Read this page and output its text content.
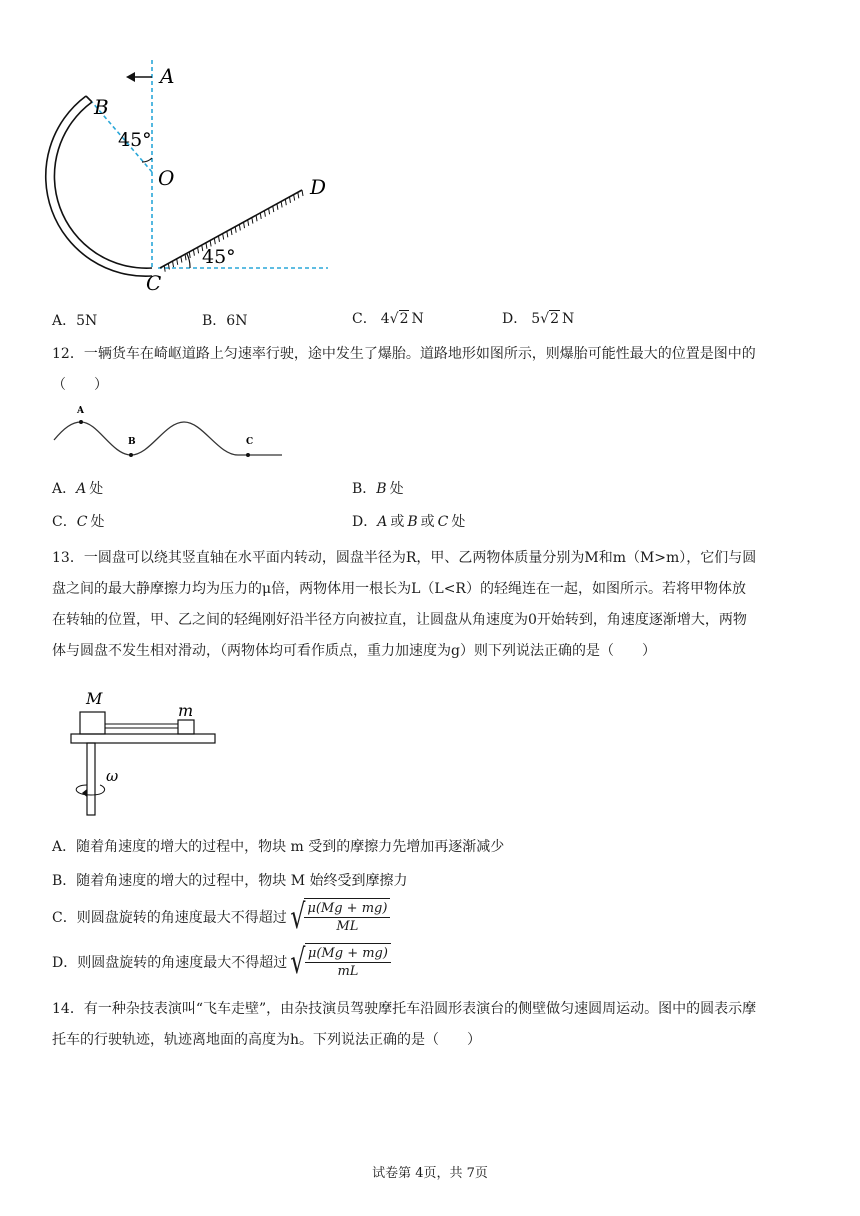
A
B
45°
O	D
45°
C
A．5N	B．6N	C． 4√2 N	D． 5√2 N
12．一辆货车在崎岖道路上匀速率行驶，途中发生了爆胎。道路地形如图所示，则爆胎可能性最大的位置是图中的
（　　）
A
B	C
A．A 处	B．B 处
C．C 处	D．A 或 B 或 C 处
13．一圆盘可以绕其竖直轴在水平面内转动，圆盘半径为R，甲、乙两物体质量分别为M和m（M>m），它们与圆
盘之间的最大静摩擦力均为压力的μ倍，两物体用一根长为L（L<R）的轻绳连在一起，如图所示。若将甲物体放
在转轴的位置，甲、乙之间的轻绳刚好沿半径方向被拉直，让圆盘从角速度为0开始转到，角速度逐渐增大，两物
体与圆盘不发生相对滑动，（两物体均可看作质点，重力加速度为g）则下列说法正确的是（　　）
M
m
ω
A．随着角速度的增大的过程中，物块 m 受到的摩擦力先增加再逐渐减少
B．随着角速度的增大的过程中，物块 M 始终受到摩擦力
C．则圆盘旋转的角速度最大不得超过 √ $\frac{\mu(Mg + mg)}{ML}$
D．则圆盘旋转的角速度最大不得超过 √ $\frac{\mu(Mg + mg)}{mL}$
14．有一种杂技表演叫“飞车走壁”，由杂技演员驾驶摩托车沿圆形表演台的侧壁做匀速圆周运动。图中的圆表示摩
托车的行驶轨迹，轨迹离地面的高度为h。下列说法正确的是（　　）
试卷第 4页，共 7页
